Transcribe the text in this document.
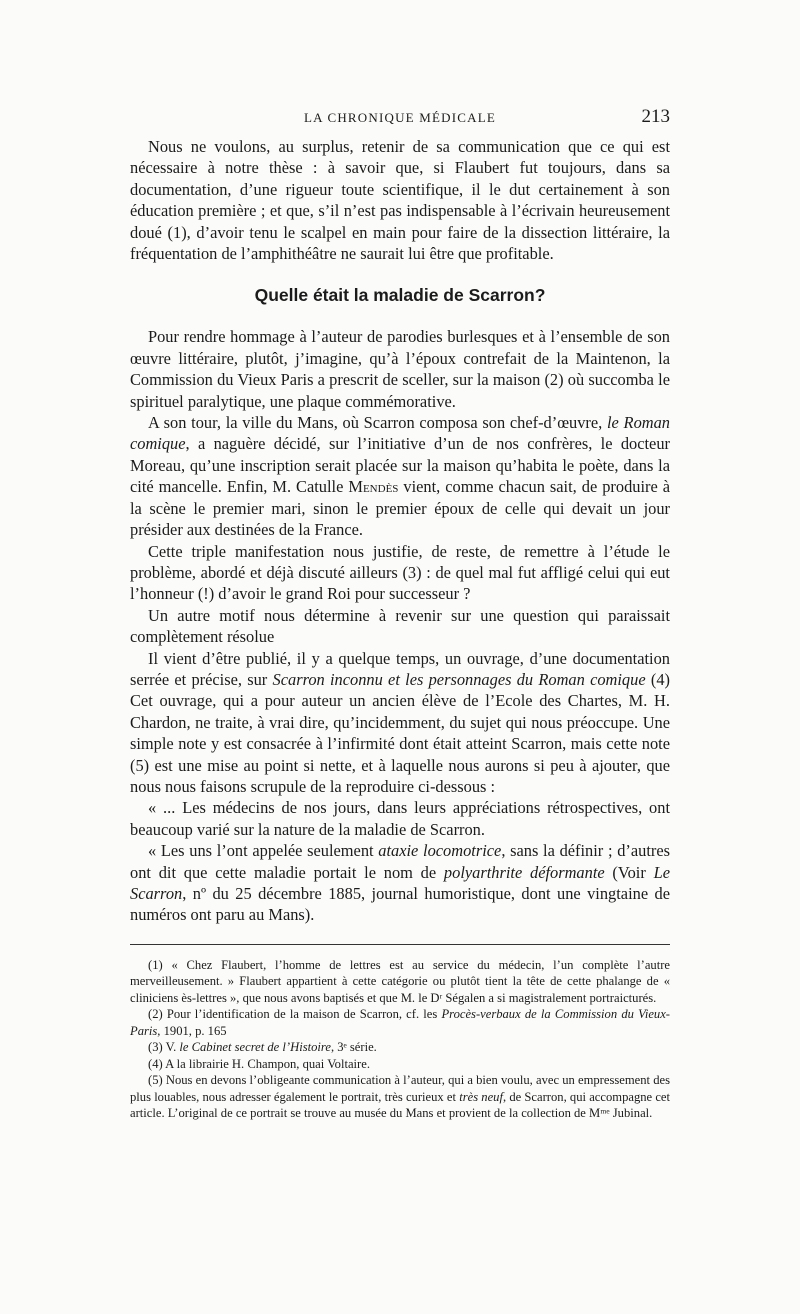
LA CHRONIQUE MÉDICALE	213

Nous ne voulons, au surplus, retenir de sa communication que ce qui est nécessaire à notre thèse : à savoir que, si Flaubert fut toujours, dans sa documentation, d’une rigueur toute scientifique, il le dut certainement à son éducation première ; et que, s’il n’est pas indispensable à l’écrivain heureusement doué (1), d’avoir tenu le scalpel en main pour faire de la dissection littéraire, la fréquentation de l’amphithéâtre ne saurait lui être que profitable.

Quelle était la maladie de Scarron?

Pour rendre hommage à l’auteur de parodies burlesques et à l’ensemble de son œuvre littéraire, plutôt, j’imagine, qu’à l’époux contrefait de la Maintenon, la Commission du Vieux Paris a prescrit de sceller, sur la maison (2) où succomba le spirituel paralytique, une plaque commémorative.

A son tour, la ville du Mans, où Scarron composa son chef-d’œuvre, le Roman comique, a naguère décidé, sur l’initiative d’un de nos confrères, le docteur Moreau, qu’une inscription serait placée sur la maison qu’habita le poète, dans la cité mancelle. Enfin, M. Catulle Mendès vient, comme chacun sait, de produire à la scène le premier mari, sinon le premier époux de celle qui devait un jour présider aux destinées de la France.

Cette triple manifestation nous justifie, de reste, de remettre à l’étude le problème, abordé et déjà discuté ailleurs (3) : de quel mal fut affligé celui qui eut l’honneur (!) d’avoir le grand Roi pour successeur ?

Un autre motif nous détermine à revenir sur une question qui paraissait complètement résolue

Il vient d’être publié, il y a quelque temps, un ouvrage, d’une documentation serrée et précise, sur Scarron inconnu et les personnages du Roman comique (4) Cet ouvrage, qui a pour auteur un ancien élève de l’Ecole des Chartes, M. H. Chardon, ne traite, à vrai dire, qu’incidemment, du sujet qui nous préoccupe. Une simple note y est consacrée à l’infirmité dont était atteint Scarron, mais cette note (5) est une mise au point si nette, et à laquelle nous aurons si peu à ajouter, que nous nous faisons scrupule de la reproduire ci-dessous :

« ... Les médecins de nos jours, dans leurs appréciations rétrospectives, ont beaucoup varié sur la nature de la maladie de Scarron.

« Les uns l’ont appelée seulement ataxie locomotrice, sans la définir ; d’autres ont dit que cette maladie portait le nom de polyarthrite déformante (Voir Le Scarron, nº du 25 décembre 1885, journal humoristique, dont une vingtaine de numéros ont paru au Mans).

(1) « Chez Flaubert, l’homme de lettres est au service du médecin, l’un complète l’autre merveilleusement. » Flaubert appartient à cette catégorie ou plutôt tient la tête de cette phalange de « cliniciens ès-lettres », que nous avons baptisés et que M. le Dʳ Ségalen a si magistralement portraicturés.

(2) Pour l’identification de la maison de Scarron, cf. les Procès-verbaux de la Commission du Vieux-Paris, 1901, p. 165

(3) V. le Cabinet secret de l’Histoire, 3ᵉ série.

(4) A la librairie H. Champon, quai Voltaire.

(5) Nous en devons l’obligeante communication à l’auteur, qui a bien voulu, avec un empressement des plus louables, nous adresser également le portrait, très curieux et très neuf, de Scarron, qui accompagne cet article. L’original de ce portrait se trouve au musée du Mans et provient de la collection de Mᵐᵉ Jubinal.
